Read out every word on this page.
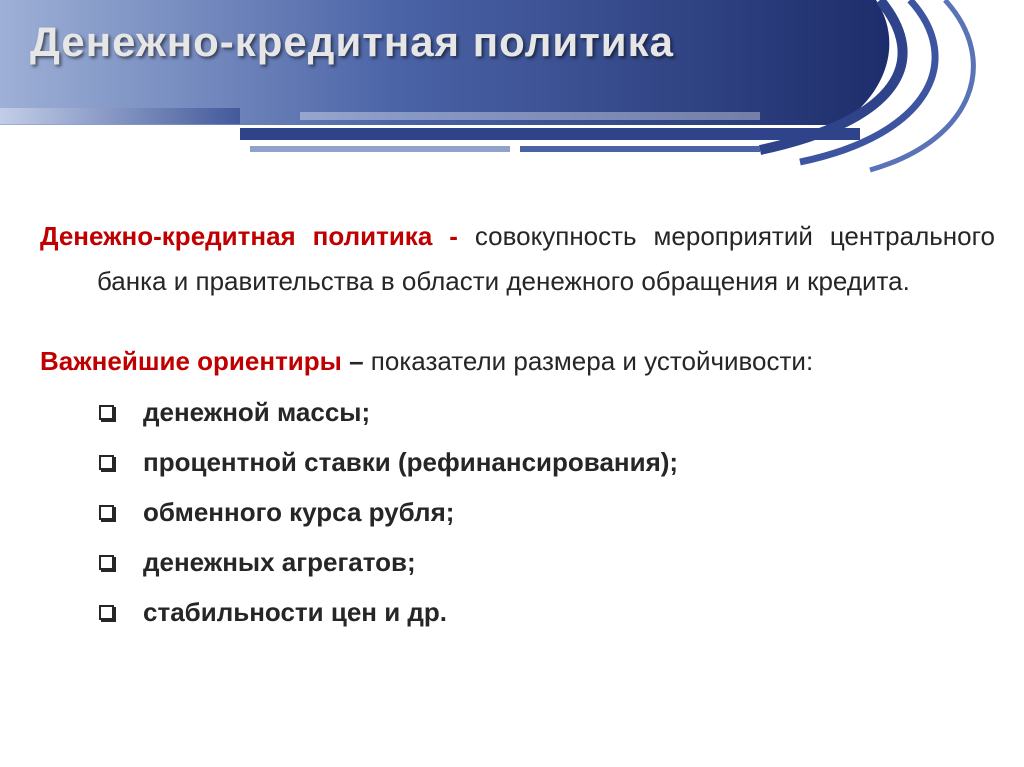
Денежно-кредитная политика

Денежно-кредитная политика - совокупность мероприятий центрального банка и правительства в области денежного обращения и кредита.

Важнейшие ориентиры – показатели размера и устойчивости:

денежной массы;
процентной ставки (рефинансирования);
обменного курса рубля;
денежных агрегатов;
стабильности цен и др.
